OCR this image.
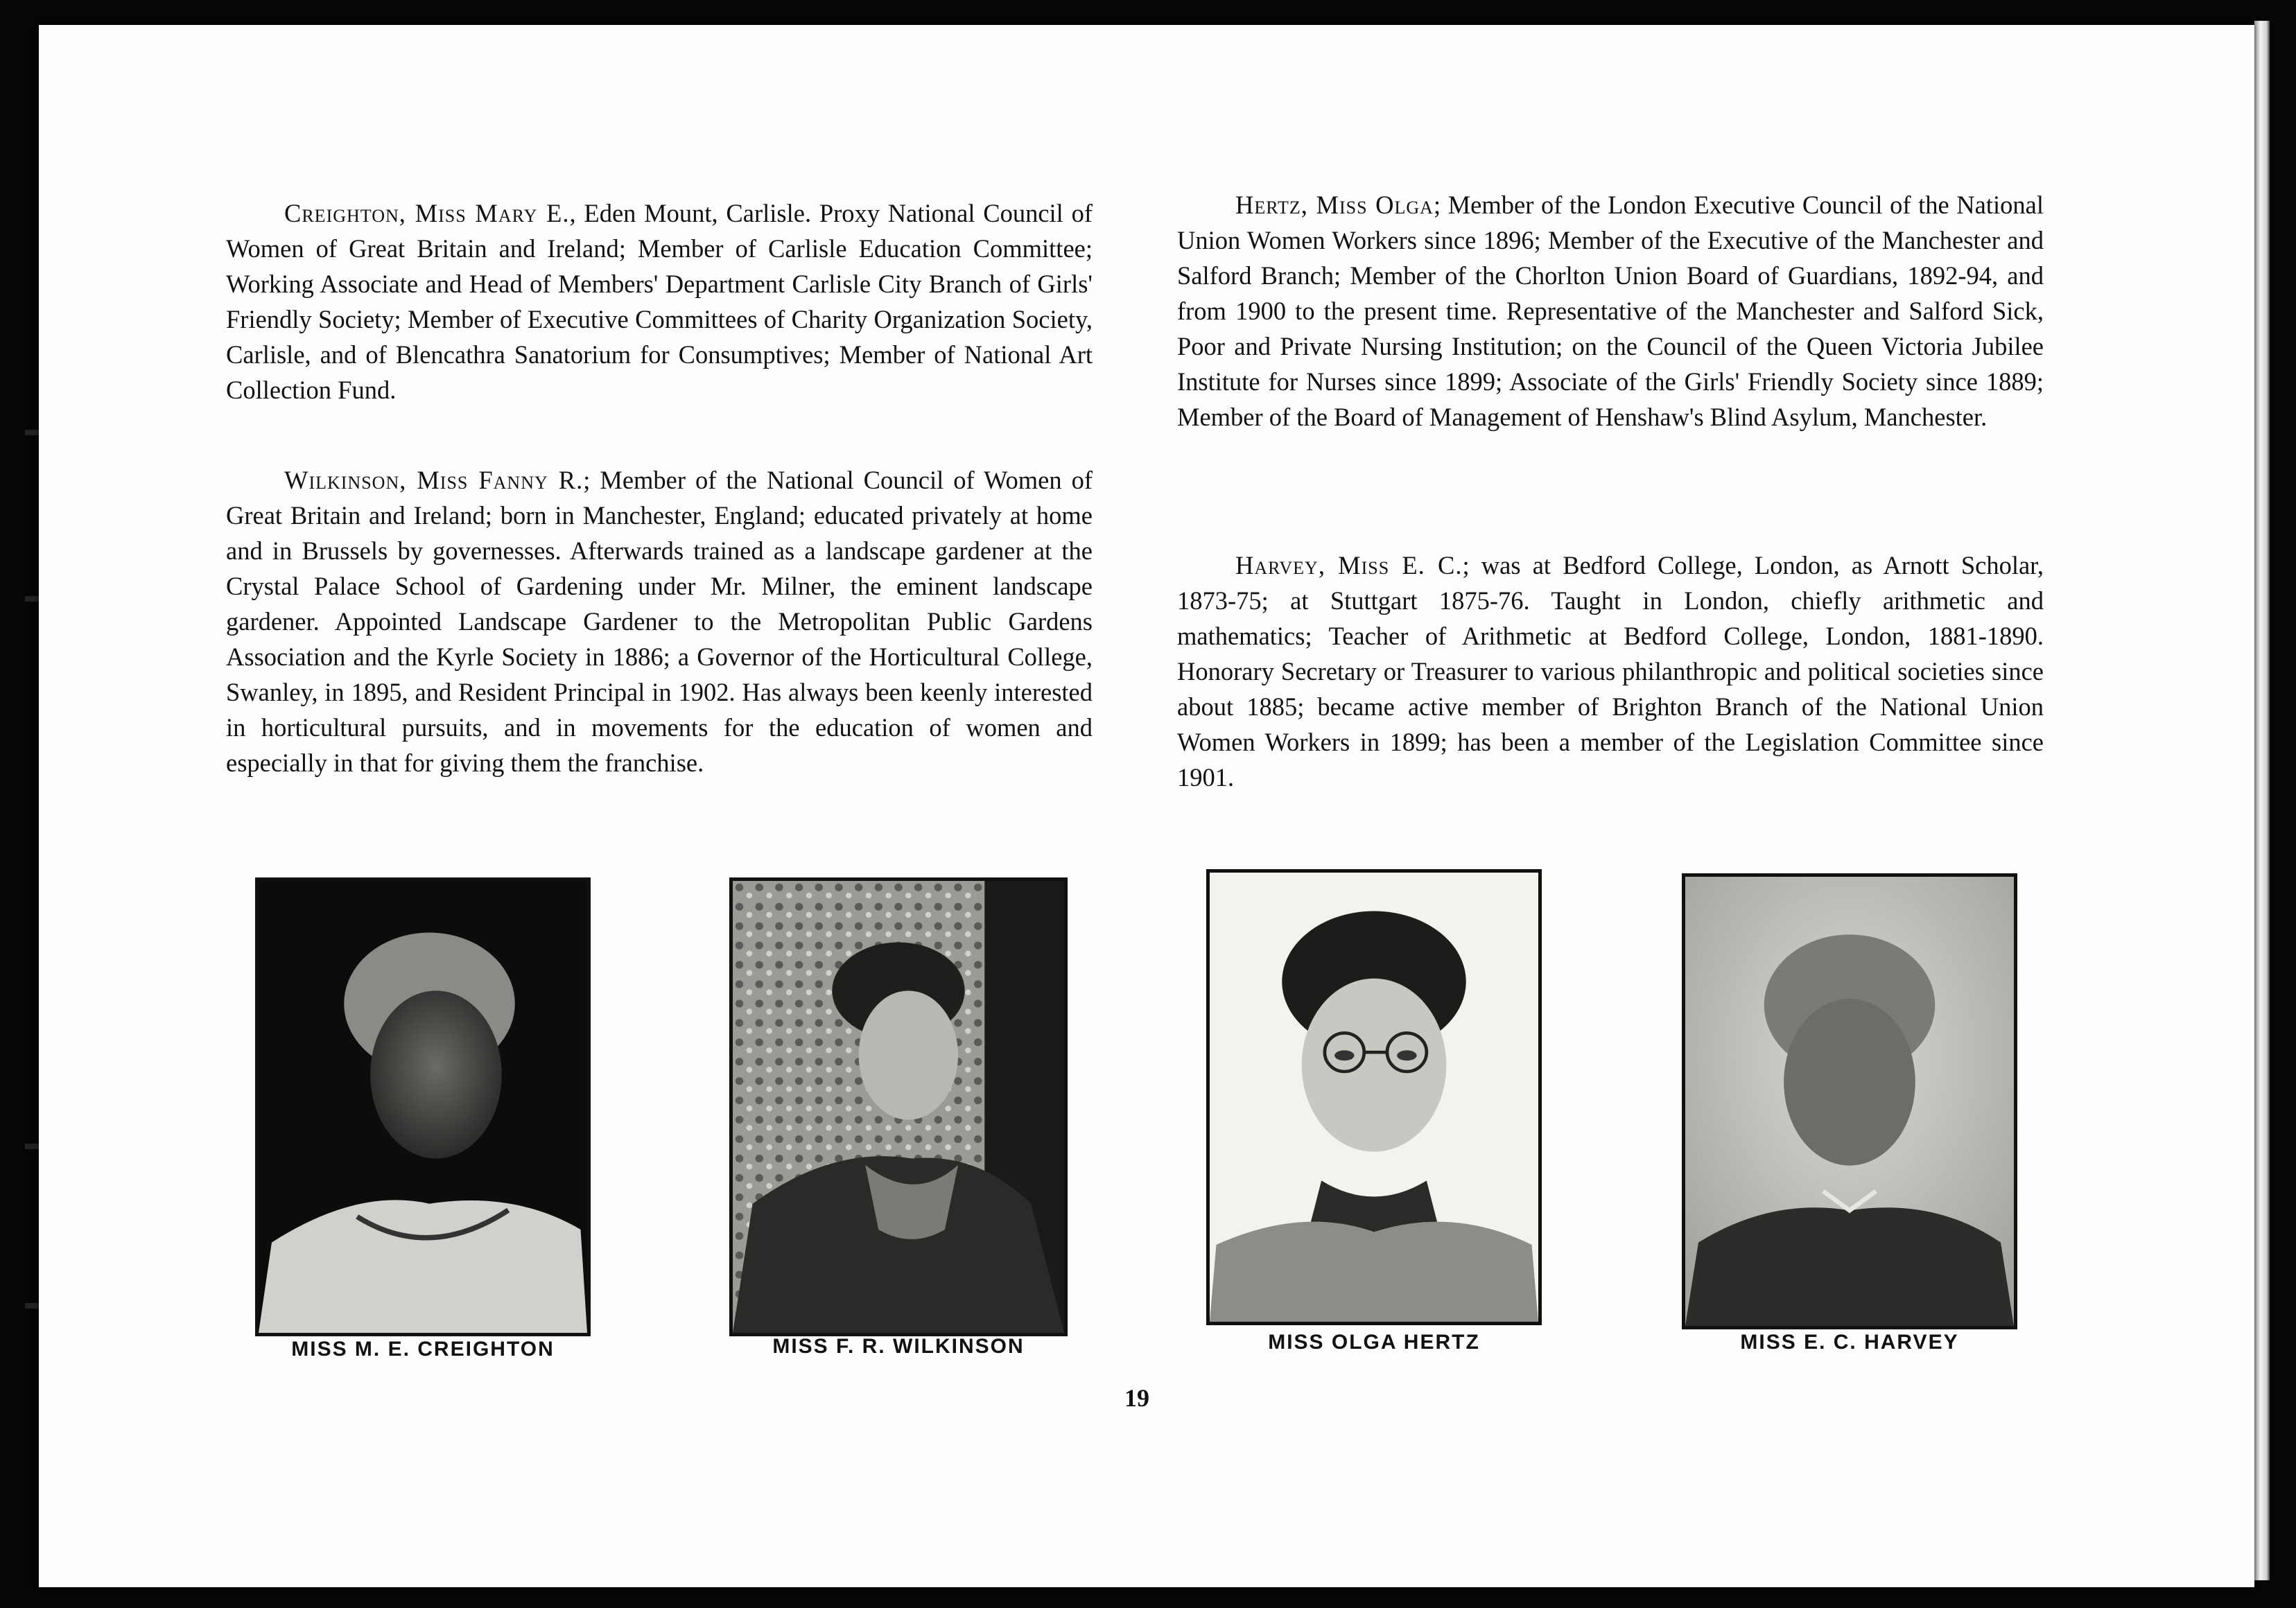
Creighton, Miss Mary E., Eden Mount, Carlisle. Proxy National Council of Women of Great Britain and Ireland; Member of Carlisle Education Committee; Working Associate and Head of Members' Department Carlisle City Branch of Girls' Friendly Society; Member of Executive Committees of Charity Organization Society, Carlisle, and of Blencathra Sanatorium for Consumptives; Member of National Art Collection Fund.

Wilkinson, Miss Fanny R.; Member of the National Council of Women of Great Britain and Ireland; born in Manchester, England; educated privately at home and in Brussels by governesses. Afterwards trained as a landscape gardener at the Crystal Palace School of Gardening under Mr. Milner, the eminent landscape gardener. Appointed Landscape Gardener to the Metropolitan Public Gardens Association and the Kyrle Society in 1886; a Governor of the Horticultural College, Swanley, in 1895, and Resident Principal in 1902. Has always been keenly interested in horticultural pursuits, and in movements for the education of women and especially in that for giving them the franchise.

Hertz, Miss Olga; Member of the London Executive Council of the National Union Women Workers since 1896; Member of the Executive of the Manchester and Salford Branch; Member of the Chorlton Union Board of Guardians, 1892-94, and from 1900 to the present time. Representative of the Manchester and Salford Sick, Poor and Private Nursing Institution; on the Council of the Queen Victoria Jubilee Institute for Nurses since 1899; Associate of the Girls' Friendly Society since 1889; Member of the Board of Management of Henshaw's Blind Asylum, Manchester.

Harvey, Miss E. C.; was at Bedford College, London, as Arnott Scholar, 1873-75; at Stuttgart 1875-76. Taught in London, chiefly arithmetic and mathematics; Teacher of Arithmetic at Bedford College, London, 1881-1890. Honorary Secretary or Treasurer to various philanthropic and political societies since about 1885; became active member of Brighton Branch of the National Union Women Workers in 1899; has been a member of the Legislation Committee since 1901.

MISS M. E. CREIGHTON	MISS F. R. WILKINSON	MISS OLGA HERTZ	MISS E. C. HARVEY

19
